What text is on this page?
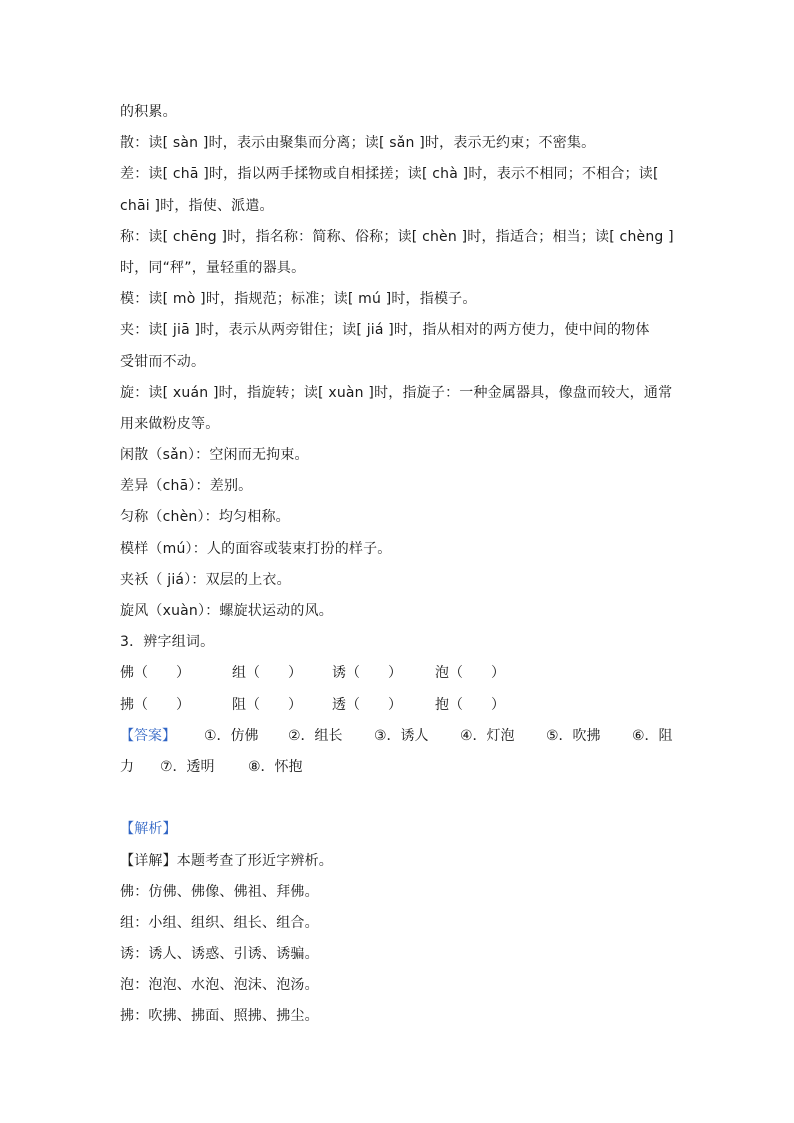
的积累。
散：读[ sàn ]时，表示由聚集而分离；读[ sǎn ]时，表示无约束；不密集。
差：读[ chā ]时，指以两手揉物或自相揉搓；读[ chà ]时，表示不相同；不相合；读[
chāi ]时，指使、派遣。
称：读[ chēng ]时，指名称：简称、俗称；读[ chèn ]时，指适合；相当；读[ chèng ]
时，同“秤”，量轻重的器具。
模：读[ mò ]时，指规范；标准；读[ mú ]时，指模子。
夹：读[ jiā ]时，表示从两旁钳住；读[ jiá ]时，指从相对的两方使力，使中间的物体
受钳而不动。
旋：读[ xuán ]时，指旋转；读[ xuàn ]时，指旋子：一种金属器具，像盘而较大，通常
用来做粉皮等。
闲散（sǎn）：空闲而无拘束。
差异（chā）：差别。
匀称（chèn）：均匀相称。
模样（mú）：人的面容或装束打扮的样子。
夹袄（ jiá）：双层的上衣。
旋风（xuàn）：螺旋状运动的风。
3．辨字组词。
佛（　　）	组（　　） 诱（　　） 泡（　　）
拂（　　）	阻（　　） 透（　　） 抱（　　）
【答案】 ①．仿佛 ②．组长 ③．诱人 ④．灯泡 ⑤．吹拂 ⑥．阻
力 ⑦．透明 ⑧．怀抱
【解析】
【详解】本题考查了形近字辨析。
佛：仿佛、佛像、佛祖、拜佛。
组：小组、组织、组长、组合。
诱：诱人、诱惑、引诱、诱骗。
泡：泡泡、水泡、泡沫、泡汤。
拂：吹拂、拂面、照拂、拂尘。
